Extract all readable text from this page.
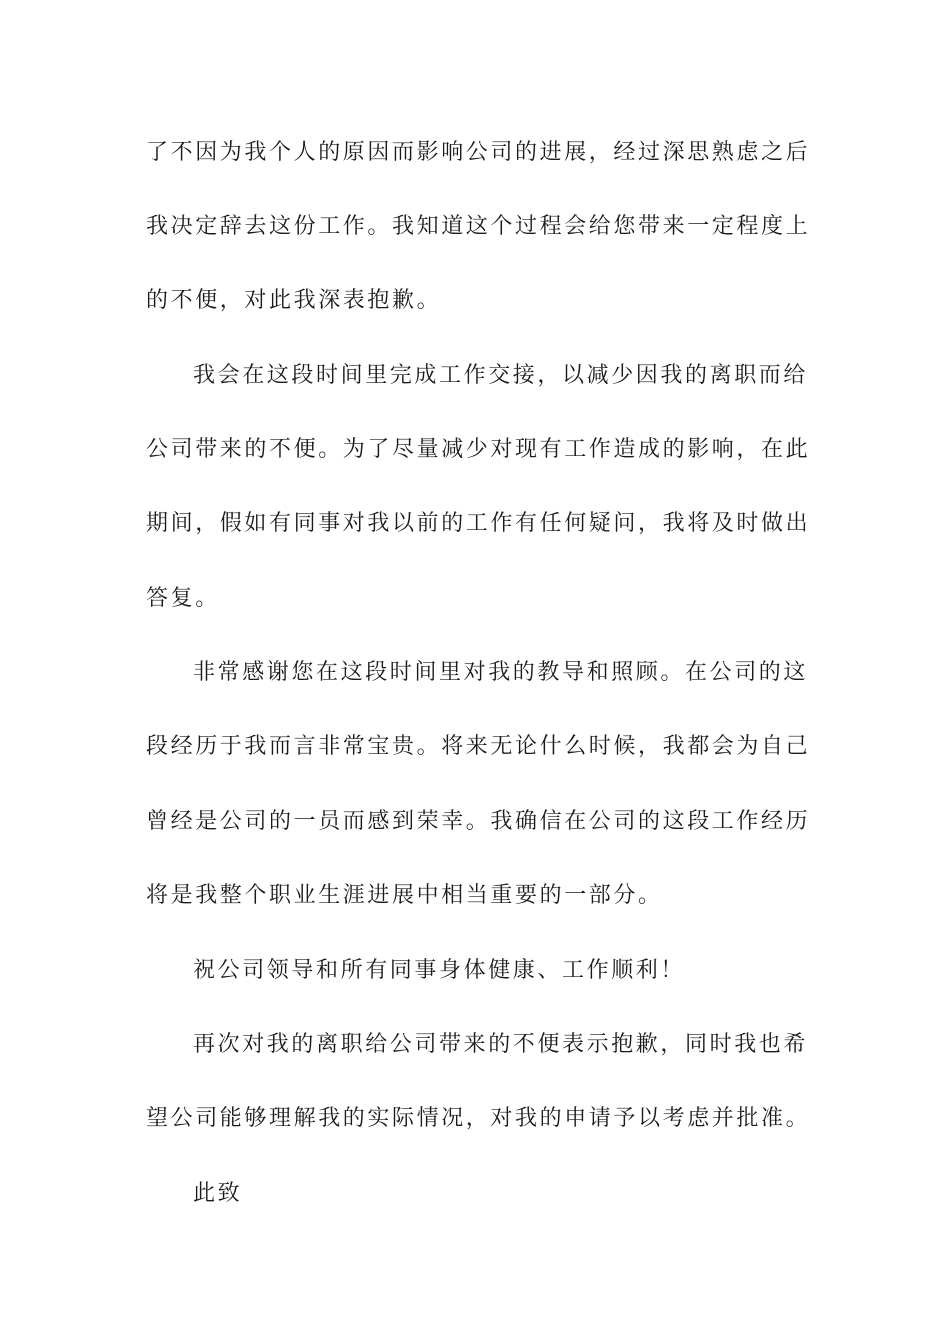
了不因为我个人的原因而影响公司的进展，经过深思熟虑之后
我决定辞去这份工作。我知道这个过程会给您带来一定程度上
的不便，对此我深表抱歉。
我会在这段时间里完成工作交接，以减少因我的离职而给
公司带来的不便。为了尽量减少对现有工作造成的影响，在此
期间，假如有同事对我以前的工作有任何疑问，我将及时做出
答复。
非常感谢您在这段时间里对我的教导和照顾。在公司的这
段经历于我而言非常宝贵。将来无论什么时候，我都会为自己
曾经是公司的一员而感到荣幸。我确信在公司的这段工作经历
将是我整个职业生涯进展中相当重要的一部分。
祝公司领导和所有同事身体健康、工作顺利！
再次对我的离职给公司带来的不便表示抱歉，同时我也希
望公司能够理解我的实际情况，对我的申请予以考虑并批准。
此致
